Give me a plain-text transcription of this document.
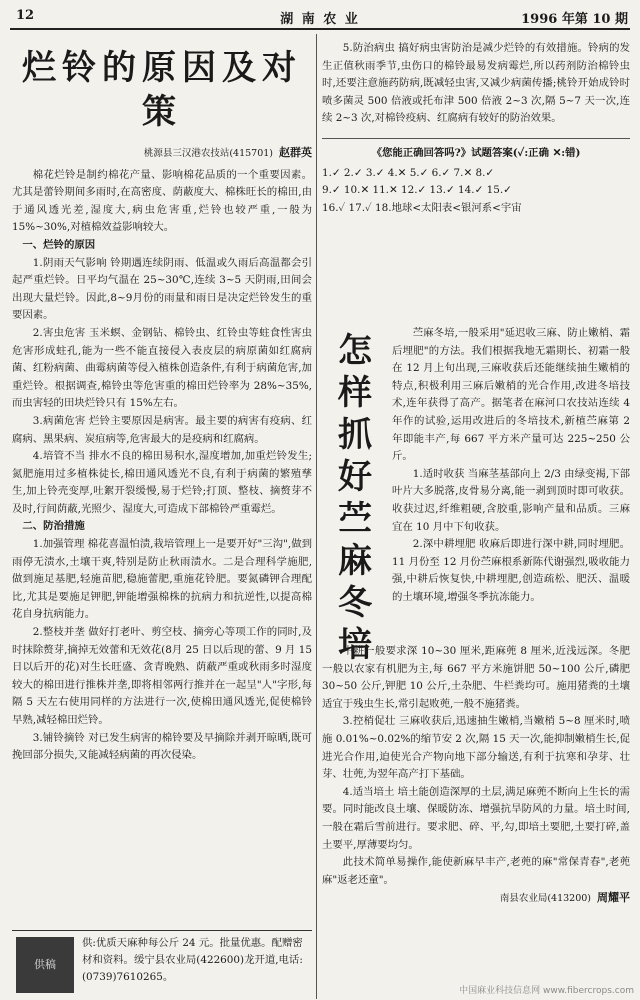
12	湖 南 农 业	1996 年第 10 期
烂铃的原因及对策
桃源县三汉港农技站(415701) 赵群英

棉花烂铃是制约棉花产量、影响棉花品质的一个重要因素。尤其是蕾铃期间多雨时,在高密度、荫蔽度大、棉株旺长的棉田,由于通风透光差,湿度大,病虫危害重,烂铃也较严重,一般为 15%~30%,对植棉效益影响较大。

一、烂铃的原因

1.阴雨天气影响 铃期遇连续阴雨、低温或久雨后高温都会引起严重烂铃。日平均气温在 25~30℃,连续 3~5 天阴雨,田间会出现大量烂铃。因此,8~9月份的雨量和雨日是决定烂铃发生的重要因素。

2.害虫危害 玉米螟、金钢钻、棉铃虫、红铃虫等蛀食性害虫危害形成蛀孔,能为一些不能直接侵入表皮层的病原菌如红腐病菌、红粉病菌、曲霉病菌等侵入植株创造条件,有利于病菌危害,加重烂铃。根据调查,棉铃虫等危害重的棉田烂铃率为 28%~35%,而虫害轻的田块烂铃只有 15%左右。

3.病菌危害 烂铃主要原因是病害。最主要的病害有疫病、红腐病、黑果病、炭疽病等,危害最大的是疫病和红腐病。

4.培管不当 排水不良的棉田易积水,湿度增加,加重烂铃发生;氮肥施用过多植株徒长,棉田通风透光不良,有利于病菌的繁殖孳生,加上铃壳变厚,吐絮开裂缓慢,易于烂铃;打顶、整枝、摘赘芽不及时,行间荫蔽,光照少、湿度大,可造成下部棉铃严重霉烂。

二、防治措施

1.加强管理 棉花喜温怕渍,栽培管理上一是要开好"三沟",做到雨停无渍水,土壤干爽,特别是防止秋雨渍水。二是合理科学施肥,做到施足基肥,轻施苗肥,稳施蕾肥,重施花铃肥。要氮磷钾合理配比,尤其是要施足钾肥,钾能增强棉株的抗病力和抗逆性,以提高棉花自身抗病能力。

2.整枝并垄 做好打老叶、剪空枝、摘旁心等项工作的同时,及时抹除赘芽,摘掉无效蕾和无效花(8月 25 日以后现的蕾、9 月 15 日以后开的花)对生长旺盛、贪青晚熟、荫蔽严重或秋雨多时湿度较大的棉田进行推株并垄,即将相邻两行推并在一起呈"人"字形,每隔 5 天左右使用同样的方法进行一次,使棉田通风透光,促使棉铃早熟,减轻棉田烂铃。

3.铺铃摘铃 对已发生病害的棉铃要及早摘除并剥开晾晒,既可挽回部分损失,又能减轻病菌的再次侵染。

5.防治病虫 搞好病虫害防治是减少烂铃的有效措施。铃病的发生正值秋雨季节,虫伤口的棉铃最易发病霉烂,所以药剂防治棉铃虫时,还要注意施药防病,既减轻虫害,又减少病菌传播;桃铃开始成铃时喷多菌灵 500 倍液或托布津 500 倍液 2~3 次,隔 5~7 天一次,连续 2~3 次,对棉铃疫病、红腐病有较好的防治效果。

《您能正确回答吗?》试题答案(✓:正确 ✕:错)

1.✓ 2.✓ 3.✓ 4.✕ 5.✓ 6.✓ 7.✕ 8.✓

9.✓ 10.✕ 11.✕ 12.✓ 13.✓ 14.✓ 15.✓

16.✓ 17.✓ 18.地球<太阳表<银河系<宇宙

怎
样
抓
好
苎
麻
冬
培

苎麻冬培,一般采用"延迟收三麻、防止嫩梢、霜后埋肥"的方法。我们根据我地无霜期长、初霜一般在 12 月上旬出现,三麻收获后还能继续抽生嫩梢的特点,积极利用三麻后嫩梢的光合作用,改进冬培技术,连年获得了高产。据笔者在麻河口农技站连续 4 年作的试验,运用改进后的冬培技术,新植苎麻第 2 年即能丰产,每 667 平方米产量可达 225~250 公斤。

1.适时收获 当麻茎基部向上 2/3 由绿变褐,下部叶片大多脱落,皮骨易分离,能一剥到顶时即可收获。收获过迟,纤维粗硬,含胶重,影响产量和品质。三麻宜在 10 月中下旬收获。

2.深中耕埋肥 收麻后即进行深中耕,同时埋肥。11 月份至 12 月份苎麻根系新陈代谢强烈,吸收能力强,中耕后恢复快,中耕埋肥,创造疏松、肥沃、温暖的土壤环境,增强冬季抗冻能力。

中耕一般要求深 10~30 厘米,距麻蔸 8 厘米,近浅远深。冬肥一般以农家有机肥为主,每 667 平方米施饼肥 50~100 公斤,磷肥 30~50 公斤,钾肥 10 公斤,土杂肥、牛栏粪均可。施用猪粪的土壤适宜于残虫生长,常引起败蔸,一般不施猪粪。

3.控梢促壮 三麻收获后,迅速抽生嫩梢,当嫩梢 5~8 厘米时,喷施 0.01%~0.02%的缩节安 2 次,隔 15 天一次,能抑制嫩梢生长,促进光合作用,迫使光合产物向地下部分输送,有利于抗寒和孕芽、壮芽、壮蔸,为翌年高产打下基础。

4.适当培土 培土能创造深厚的土层,满足麻蔸不断向上生长的需要。同时能改良土壤、保暖防冻、增强抗旱防风的力量。培土时间,一般在霜后雪前进行。要求肥、碎、平,勾,即培土要肥,土要打碎,盖土要平,厚薄要均匀。

此技术简单易操作,能使新麻早丰产,老蔸的麻"常保青春",老蔸麻"返老还童"。

南县农业局(413200) 周耀平

供稿
供:优质天麻种每公斤 24 元。批量优惠。配赠密材和资料。缓宁县农业局(422600)龙开道,电话:(0739)7610265。
中国麻业科技信息网 www.fibercrops.com
